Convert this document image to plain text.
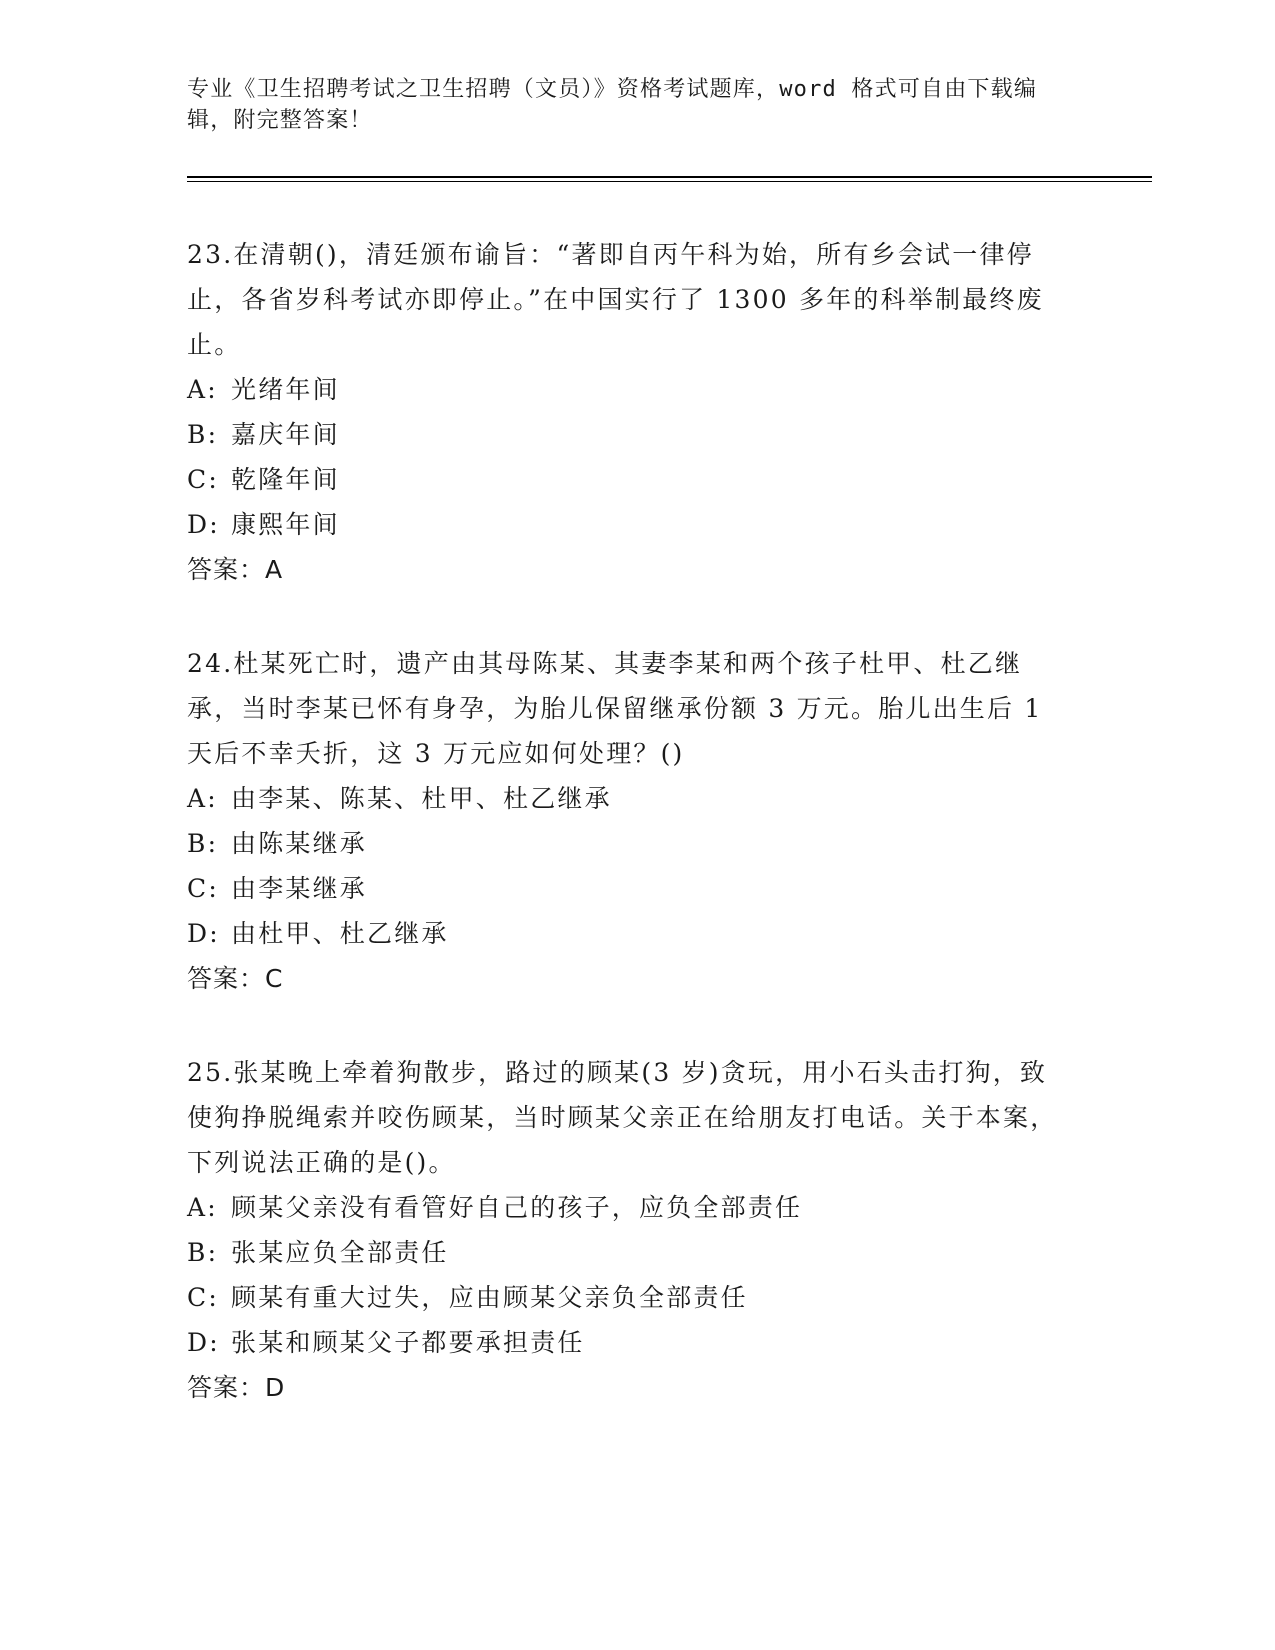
专业《卫生招聘考试之卫生招聘（文员）》资格考试题库，word 格式可自由下载编辑，附完整答案！

23.在清朝()，清廷颁布谕旨：“著即自丙午科为始，所有乡会试一律停止，各省岁科考试亦即停止。”在中国实行了 1300 多年的科举制最终废止。

A: 光绪年间

B: 嘉庆年间

C: 乾隆年间

D: 康熙年间

答案：A

24.杜某死亡时，遗产由其母陈某、其妻李某和两个孩子杜甲、杜乙继承，当时李某已怀有身孕，为胎儿保留继承份额 3 万元。胎儿出生后 1 天后不幸夭折，这 3 万元应如何处理？()

A: 由李某、陈某、杜甲、杜乙继承

B: 由陈某继承

C: 由李某继承

D: 由杜甲、杜乙继承

答案：C

25.张某晚上牵着狗散步，路过的顾某(3 岁)贪玩，用小石头击打狗，致使狗挣脱绳索并咬伤顾某，当时顾某父亲正在给朋友打电话。关于本案，下列说法正确的是()。

A: 顾某父亲没有看管好自己的孩子，应负全部责任

B: 张某应负全部责任

C: 顾某有重大过失，应由顾某父亲负全部责任

D: 张某和顾某父子都要承担责任

答案：D
